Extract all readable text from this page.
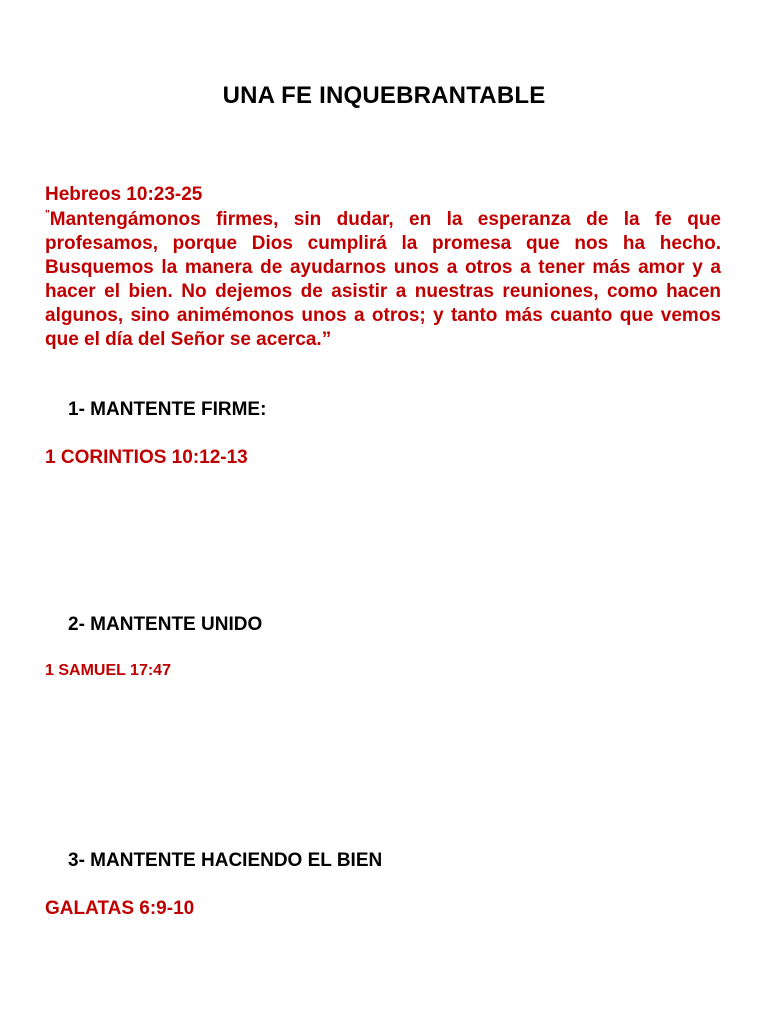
UNA FE INQUEBRANTABLE
Hebreos 10:23-25
"Mantengámonos firmes, sin dudar, en la esperanza de la fe que profesamos, porque Dios cumplirá la promesa que nos ha hecho. Busquemos la manera de ayudarnos unos a otros a tener más amor y a hacer el bien. No dejemos de asistir a nuestras reuniones, como hacen algunos, sino animémonos unos a otros; y tanto más cuanto que vemos que el día del Señor se acerca.”
1- MANTENTE FIRME:
1 CORINTIOS 10:12-13
2- MANTENTE UNIDO
1 SAMUEL 17:47
3- MANTENTE HACIENDO EL BIEN
GALATAS 6:9-10
